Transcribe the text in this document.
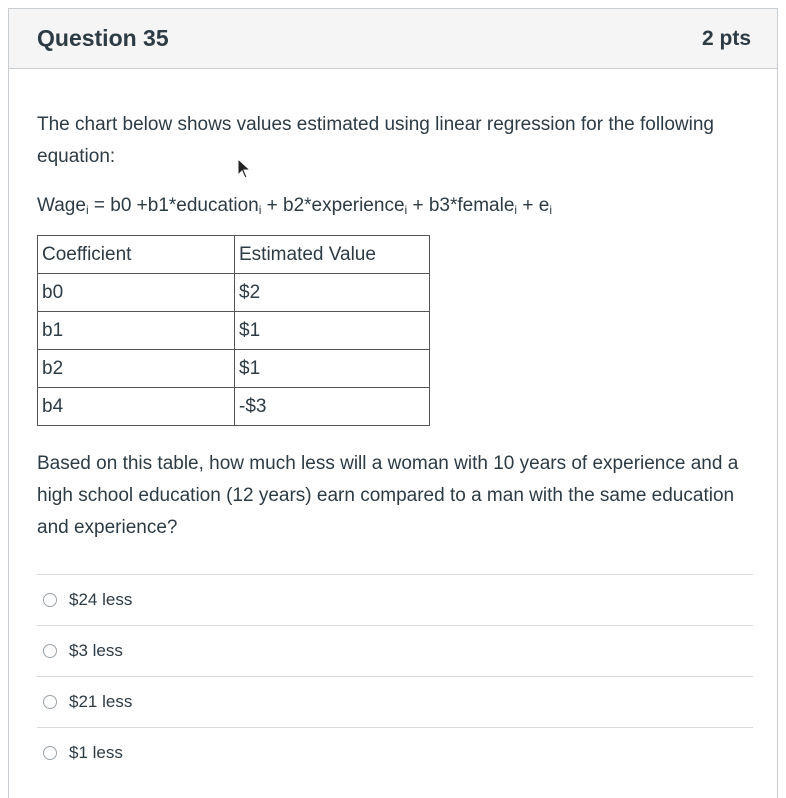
Question 35	2 pts

The chart below shows values estimated using linear regression for the following equation:

Wage$_i$ = b0 +b1*education$_i$ + b2*experience$_i$ + b3*female$_i$ + $e_i$

Coefficient	Estimated Value
b0	$2
b1	$1
b2	$1
b4	-$3

Based on this table, how much less will a woman with 10 years of experience and a high school education (12 years) earn compared to a man with the same education and experience?

$24 less
$3 less
$21 less
$1 less
